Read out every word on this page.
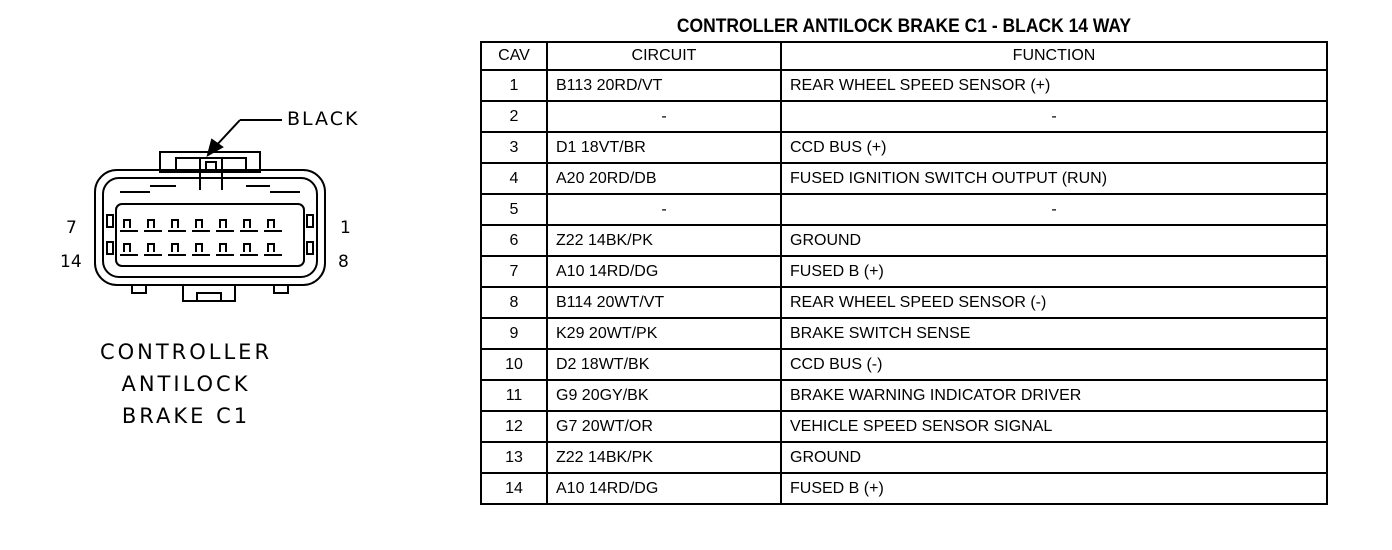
BLACK
7
14
1
8
CONTROLLER
ANTILOCK
BRAKE C1
CONTROLLER ANTILOCK BRAKE C1 - BLACK 14 WAY
CAV	CIRCUIT	FUNCTION
1	B113 20RD/VT	REAR WHEEL SPEED SENSOR (+)
2	-	-
3	D1 18VT/BR	CCD BUS (+)
4	A20 20RD/DB	FUSED IGNITION SWITCH OUTPUT (RUN)
5	-	-
6	Z22 14BK/PK	GROUND
7	A10 14RD/DG	FUSED B (+)
8	B114 20WT/VT	REAR WHEEL SPEED SENSOR (-)
9	K29 20WT/PK	BRAKE SWITCH SENSE
10	D2 18WT/BK	CCD BUS (-)
11	G9 20GY/BK	BRAKE WARNING INDICATOR DRIVER
12	G7 20WT/OR	VEHICLE SPEED SENSOR SIGNAL
13	Z22 14BK/PK	GROUND
14	A10 14RD/DG	FUSED B (+)
